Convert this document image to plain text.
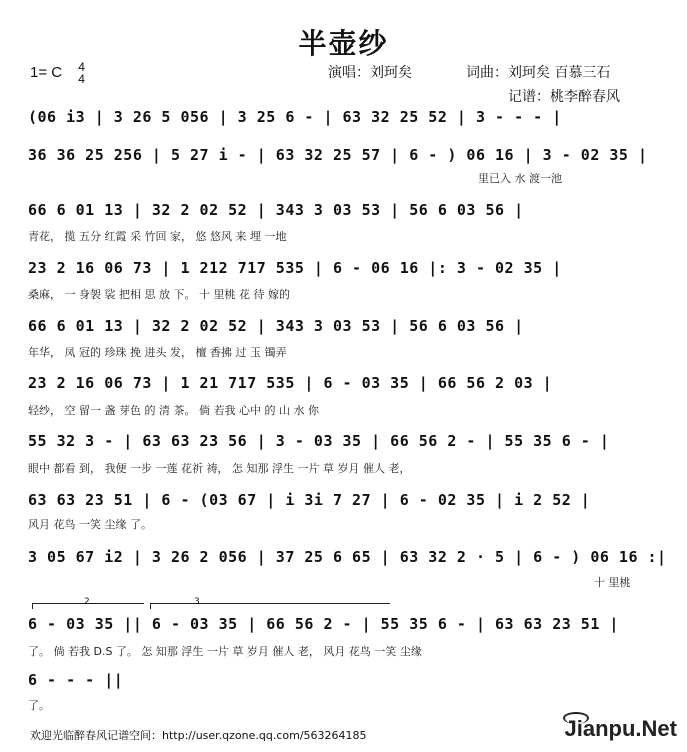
半壶纱
1= C 4
4	演唱：刘珂矣	词曲：刘珂矣 百慕三石
记谱：桃李醉春风
(06 i3 | 3 26 5 056 | 3 25 6 - | 63 32 25 52 | 3 - - - |
36 36 25 256 | 5 27 i - | 63 32 25 57 | 6 - ) 06 16 | 3 - 02 35 |
里已入 水 渡一池
66 6 01 13 | 32 2 02 52 | 343 3 03 53 | 56 6 03 56 |
青花， 揽 五分 红霞 采 竹回 家， 悠 悠风 来 埋 一地
23 2 16 06 73 | 1 212 717 535 | 6 - 06 16 |: 3 - 02 35 |
桑麻， 一 身袈 裟 把相 思 放 下。 十 里桃 花 待 嫁的
66 6 01 13 | 32 2 02 52 | 343 3 03 53 | 56 6 03 56 |
年华， 凤 冠的 珍珠 挽 进头 发， 檀 香拂 过 玉 镯弄
23 2 16 06 73 | 1 21 717 535 | 6 - 03 35 | 66 56 2 03 |
轻纱， 空 留一 盏 芽色 的 清 茶。 倘 若我 心中 的 山 水 你
55 32 3 - | 63 63 23 56 | 3 - 03 35 | 66 56 2 - | 55 35 6 - |
眼中 都看 到， 我便 一步 一莲 花祈 祷， 怎 知那 浮生 一片 草 岁月 催人 老，
63 63 23 51 | 6 - (03 67 | i 3i 7 27 | 6 - 02 35 | i 2 52 |
风月 花鸟 一笑 尘缘 了。
3 05 67 i2 | 3 26 2 056 | 37 25 6 65 | 63 32 2 · 5 | 6 - ) 06 16 :|
十 里桃
2	3
6 - 03 35 || 6 - 03 35 | 66 56 2 - | 55 35 6 - | 63 63 23 51 |
了。 倘 若我 D.S 了。 怎 知那 浮生 一片 草 岁月 催人 老， 风月 花鸟 一笑 尘缘
6 - - - ||
了。
欢迎光临醉春风记谱空间：http://user.qzone.qq.com/563264185	Jianpu.Net
